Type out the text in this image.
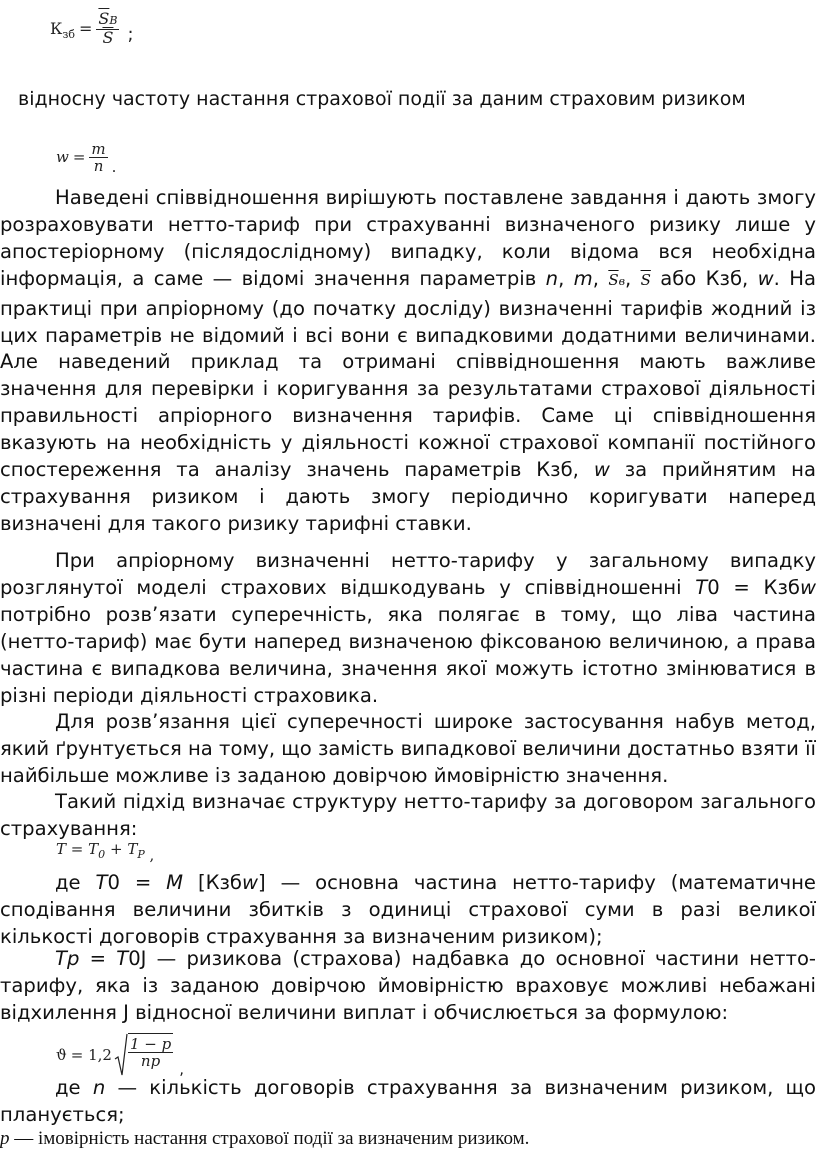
К зб = $\frac{\overline{S}B}{S}$ ;
відносну частоту настання страхової події за даним страховим ризиком
$w = \frac{m}{n}$ .

Наведені співвідношення вирішують поставлене завдання і дають змогу розраховувати нетто-тариф при страхуванні визначеного ризику лише у апостеріорному (післядослідному) випадку, коли відома вся необхідна інформація, а саме — відомі значення параметрів n, m, $\overline{S}в$, $\overline{S}$ або Кзб, w. На практиці при апріорному (до початку досліду) визначенні тарифів жодний із цих параметрів не відомий і всі вони є випадковими додатними величинами. Але наведений приклад та отримані співвідношення мають важливе значення для перевірки і коригування за результатами страхової діяльності правильності апріорного визначення тарифів. Саме ці співвідношення вказують на необхідність у діяльності кожної страхової компанії постійного спостереження та аналізу значень параметрів Кзб, w за прийнятим на страхування ризиком і дають змогу періодично коригувати наперед визначені для такого ризику тарифні ставки.

При апріорному визначенні нетто-тарифу у загальному випадку розглянутої моделі страхових відшкодувань у співвідношенні T0 = Кзбw потрібно розв’язати суперечність, яка полягає в тому, що ліва частина (нетто-тариф) має бути наперед визначеною фіксованою величиною, а права частина є випадкова величина, значення якої можуть істотно змінюватися в різні періоди діяльності страховика.

Для розв’язання цієї суперечності широке застосування набув метод, який ґрунтується на тому, що замість випадкової величини достатньо взяти її найбільше можливе із заданою довірчою ймовірністю значення.

Такий підхід визначає структуру нетто-тарифу за договором загального страхування:

$T = T_0 + T_P$ ,

де T0 = M [Кзбw] — основна частина нетто-тарифу (математичне сподівання величини збитків з одиниці страхової суми в разі великої кількості договорів страхування за визначеним ризиком);

Tp = T0J — ризикова (страхова) надбавка до основної частини нетто-тарифу, яка із заданою довірчою ймовірністю враховує можливі небажані відхилення J відносної величини виплат і обчислюється за формулою:

$ϑ = 1,2 \frac{1 - p}{np}$ ,

де n — кількість договорів страхування за визначеним ризиком, що планується;

p — імовірність настання страхової події за визначеним ризиком.
